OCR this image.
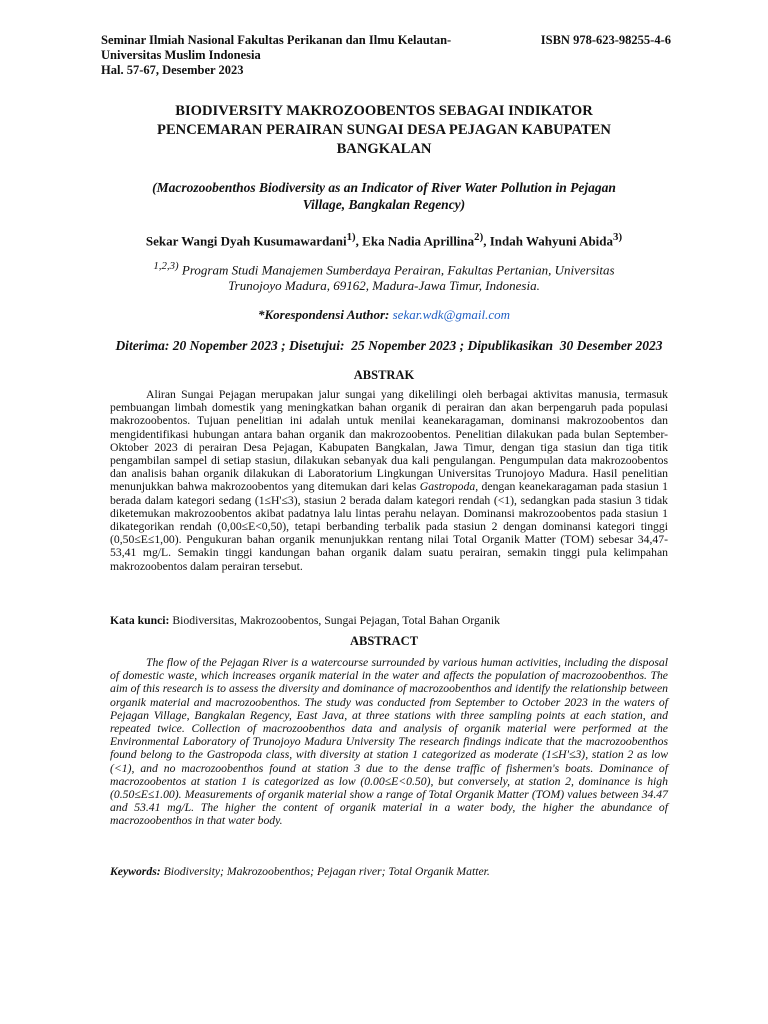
Seminar Ilmiah Nasional Fakultas Perikanan dan Ilmu Kelautan-	ISBN 978-623-98255-4-6
Universitas Muslim Indonesia
Hal. 57-67, Desember 2023
BIODIVERSITY MAKROZOOBENTOS SEBAGAI INDIKATOR
PENCEMARAN PERAIRAN SUNGAI DESA PEJAGAN KABUPATEN
BANGKALAN
(Macrozoobenthos Biodiversity as an Indicator of River Water Pollution in Pejagan
Village, Bangkalan Regency)
Sekar Wangi Dyah Kusumawardani$^{1)}$, Eka Nadia Aprillina$^{2)}$, Indah Wahyuni Abida$^{3)}$
$^{1,2,3)}$ Program Studi Manajemen Sumberdaya Perairan, Fakultas Pertanian, Universitas
Trunojoyo Madura, 69162, Madura-Jawa Timur, Indonesia.
*Korespondensi Author: sekar.wdk@gmail.com
Diterima: 20 Nopember 2023 ; Disetujui:  25 Nopember 2023 ; Dipublikasikan  30 Desember 2023
ABSTRAK
Aliran Sungai Pejagan merupakan jalur sungai yang dikelilingi oleh berbagai aktivitas manusia, termasuk pembuangan limbah domestik yang meningkatkan bahan organik di perairan dan akan berpengaruh pada populasi makrozoobentos. Tujuan penelitian ini adalah untuk menilai keanekaragaman, dominansi makrozoobentos dan mengidentifikasi hubungan antara bahan organik dan makrozoobentos. Penelitian dilakukan pada bulan September-Oktober 2023 di perairan Desa Pejagan, Kabupaten Bangkalan, Jawa Timur, dengan tiga stasiun dan tiga titik pengambilan sampel di setiap stasiun, dilakukan sebanyak dua kali pengulangan. Pengumpulan data makrozoobentos dan analisis bahan organik dilakukan di Laboratorium Lingkungan Universitas Trunojoyo Madura. Hasil penelitian menunjukkan bahwa makrozoobentos yang ditemukan dari kelas Gastropoda, dengan keanekaragaman pada stasiun 1 berada dalam kategori sedang (1≤H'≤3), stasiun 2 berada dalam kategori rendah (<1), sedangkan pada stasiun 3 tidak diketemukan makrozoobentos akibat padatnya lalu lintas perahu nelayan. Dominansi makrozoobentos pada stasiun 1 dikategorikan rendah (0,00≤E<0,50), tetapi berbanding terbalik pada stasiun 2 dengan dominansi kategori tinggi (0,50≤E≤1,00). Pengukuran bahan organik menunjukkan rentang nilai Total Organik Matter (TOM) sebesar 34,47-53,41 mg/L. Semakin tinggi kandungan bahan organik dalam suatu perairan, semakin tinggi pula kelimpahan makrozoobentos dalam perairan tersebut.
Kata kunci: Biodiversitas, Makrozoobentos, Sungai Pejagan, Total Bahan Organik
ABSTRACT
The flow of the Pejagan River is a watercourse surrounded by various human activities, including the disposal of domestic waste, which increases organik material in the water and affects the population of macrozoobenthos. The aim of this research is to assess the diversity and dominance of macrozoobenthos and identify the relationship between organik material and macrozoobenthos. The study was conducted from September to October 2023 in the waters of Pejagan Village, Bangkalan Regency, East Java, at three stations with three sampling points at each station, and repeated twice. Collection of macrozoobenthos data and analysis of organik material were performed at the Environmental Laboratory of Trunojoyo Madura University The research findings indicate that the macrozoobenthos found belong to the Gastropoda class, with diversity at station 1 categorized as moderate (1≤H'≤3), station 2 as low (<1), and no macrozoobenthos found at station 3 due to the dense traffic of fishermen's boats. Dominance of macrozoobentos at station 1 is categorized as low (0.00≤E<0.50), but conversely, at station 2, dominance is high (0.50≤E≤1.00). Measurements of organik material show a range of Total Organik Matter (TOM) values between 34.47 and 53.41 mg/L. The higher the content of organik material in a water body, the higher the abundance of macrozoobenthos in that water body.
Keywords: Biodiversity; Makrozoobenthos; Pejagan river; Total Organik Matter.
